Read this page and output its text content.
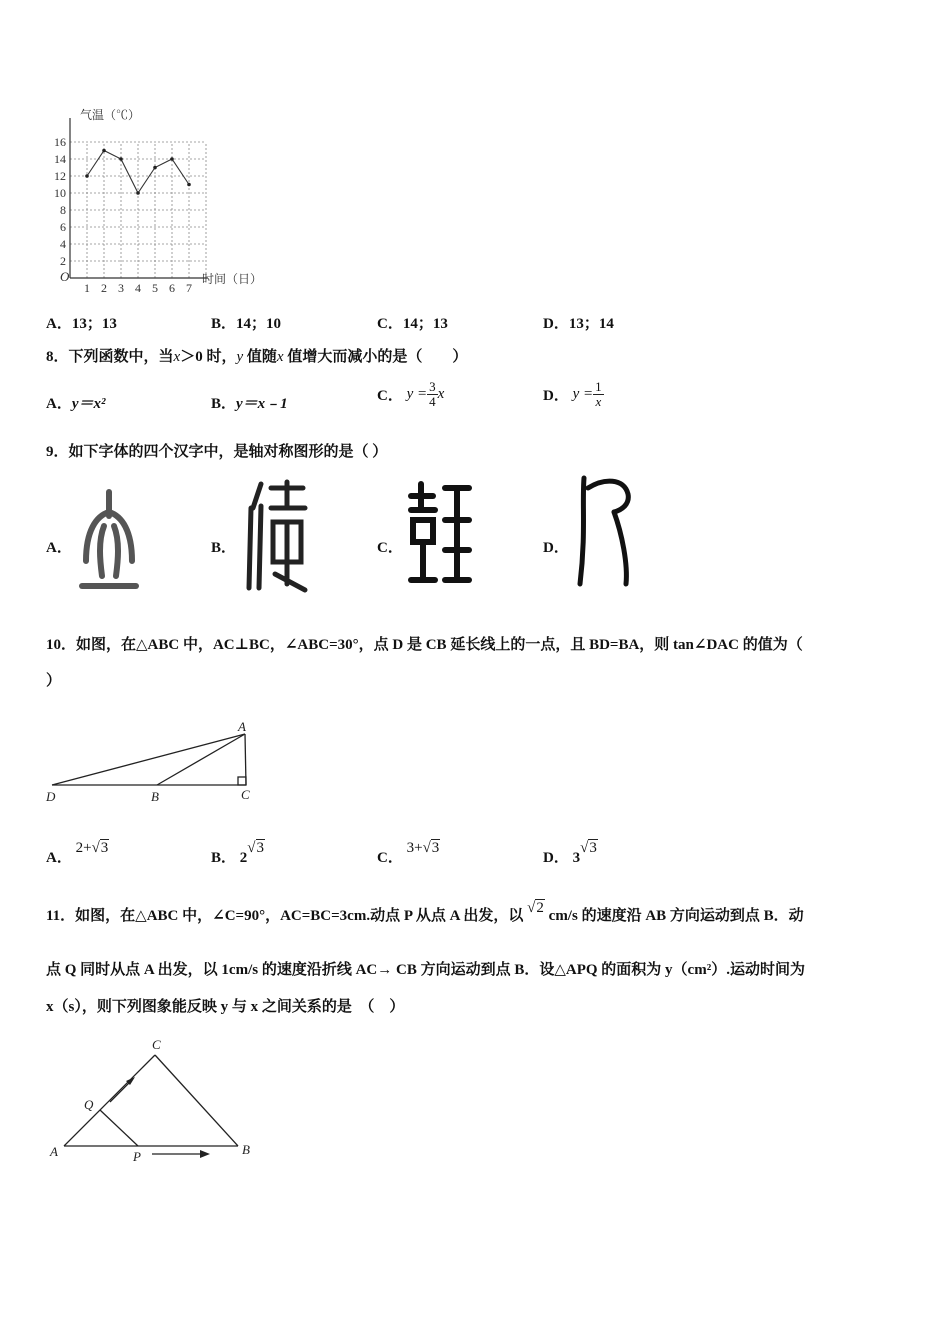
2
4
6
8
10
12
14
16
1 2 3 4 5 6 7
气温（℃）
时间（日）
O
A．13；13	B．14；10	C．14；13	D．13；14
8．下列函数中，当x＞0 时，y 值随x 值增大而减小的是（　　）
A．y＝x²	B．y＝x﹣1	C． $y = \frac{3}{4}$ x	D． $y = \frac{1}{x}$
9．如下字体的四个汉字中，是轴对称图形的是（ ）
A．	B．	C．	D．
10．如图，在△ABC 中，AC⊥BC，∠ABC=30°，点 D 是 CB 延长线上的一点，且 BD=BA，则 tan∠DAC 的值为（
）
A
D	B	C
A． 2+√3
B． 2√3
C． 3+√3
D． 3√3
11．如图，在△ABC 中，∠C=90°，AC=BC=3cm.动点 P 从点 A 出发，以 √2 cm/s 的速度沿 AB 方向运动到点 B．动
点 Q 同时从点 A 出发，以 1cm/s 的速度沿折线 AC→ CB 方向运动到点 B．设△APQ 的面积为 y（cm²）.运动时间为
x（s），则下列图象能反映 y 与 x 之间关系的是　（　）
C
Q
A	P	B
